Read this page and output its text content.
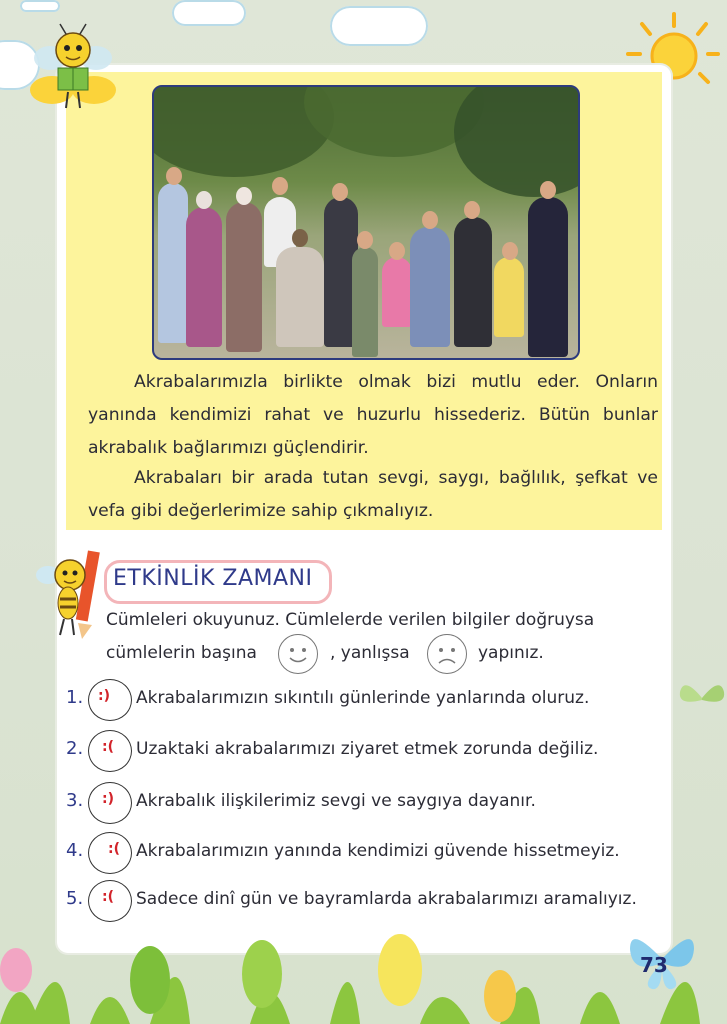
Akrabalarımızla birlikte olmak bizi mutlu eder. Onların yanında kendimizi rahat ve huzurlu hissederiz. Bütün bunlar akrabalık bağlarımızı güçlendirir.

Akrabaları bir arada tutan sevgi, saygı, bağlılık, şefkat ve vefa gibi değerlerimize sahip çıkmalıyız.

ETKİNLİK ZAMANI
Cümleleri okuyunuz. Cümlelerde verilen bilgiler doğruysa
cümlelerin başına	, yanlışsa	yapınız.
1. :) Akrabalarımızın sıkıntılı günlerinde yanlarında oluruz.
2. :( Uzaktaki akrabalarımızı ziyaret etmek zorunda değiliz.
3. :) Akrabalık ilişkilerimiz sevgi ve saygıya dayanır.
4. :( Akrabalarımızın yanında kendimizi güvende hissetmeyiz.
5. :( Sadece dinî gün ve bayramlarda akrabalarımızı aramalıyız.
73
